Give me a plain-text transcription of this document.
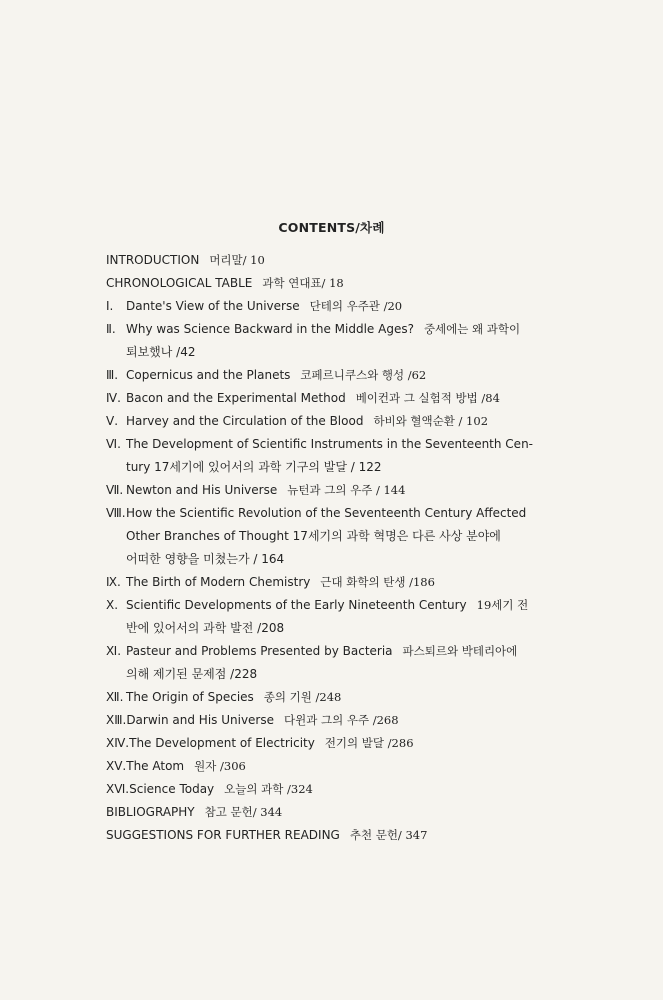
CONTENTS/차례
INTRODUCTION 머리말/ 10
CHRONOLOGICAL TABLE 과학 연대표/ 18
Ⅰ. Dante's View of the Universe 단테의 우주관 /20
Ⅱ. Why was Science Backward in the Middle Ages? 중세에는 왜 과학이
퇴보했나 /42
Ⅲ. Copernicus and the Planets 코페르니쿠스와 행성 /62
Ⅳ. Bacon and the Experimental Method 베이컨과 그 실험적 방법 /84
Ⅴ. Harvey and the Circulation of the Blood 하비와 혈액순환 / 102
Ⅵ. The Development of Scientific Instruments in the Seventeenth Cen-
tury 17세기에 있어서의 과학 기구의 발달 / 122
Ⅶ. Newton and His Universe 뉴턴과 그의 우주 / 144
Ⅷ.How the Scientific Revolution of the Seventeenth Century Affected
Other Branches of Thought 17세기의 과학 혁명은 다른 사상 분야에
어떠한 영향을 미쳤는가 / 164
Ⅸ. The Birth of Modern Chemistry 근대 화학의 탄생 /186
Ⅹ. Scientific Developments of the Early Nineteenth Century 19세기 전
반에 있어서의 과학 발전 /208
Ⅺ. Pasteur and Problems Presented by Bacteria 파스퇴르와 박테리아에
의해 제기된 문제점 /228
Ⅻ. The Origin of Species 종의 기원 /248
ⅩⅢ.Darwin and His Universe 다윈과 그의 우주 /268
ⅩⅣ.The Development of Electricity 전기의 발달 /286
ⅩⅤ.The Atom 원자 /306
ⅩⅥ.Science Today 오늘의 과학 /324
BIBLIOGRAPHY 참고 문헌/ 344
SUGGESTIONS FOR FURTHER READING 추천 문헌/ 347
